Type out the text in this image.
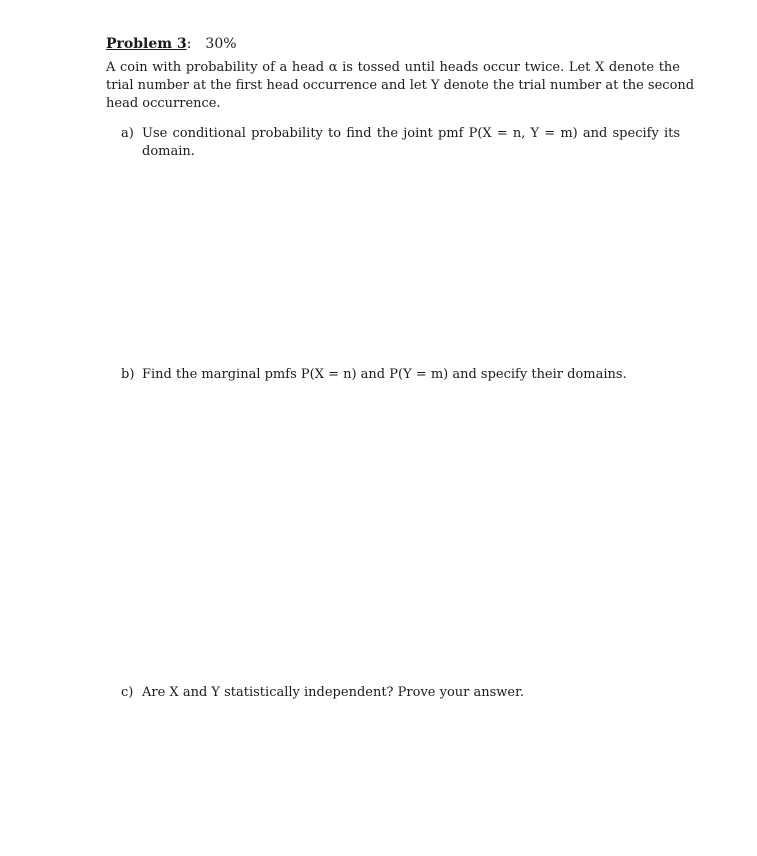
Problem 3: 30%
A coin with probability of a head α is tossed until heads occur twice. Let X denote the
trial number at the first head occurrence and let Y denote the trial number at the second
head occurrence.
a) Use conditional probability to find the joint pmf P(X = n, Y = m) and specify its
domain.
b) Find the marginal pmfs P(X = n) and P(Y = m) and specify their domains.
c) Are X and Y statistically independent? Prove your answer.
